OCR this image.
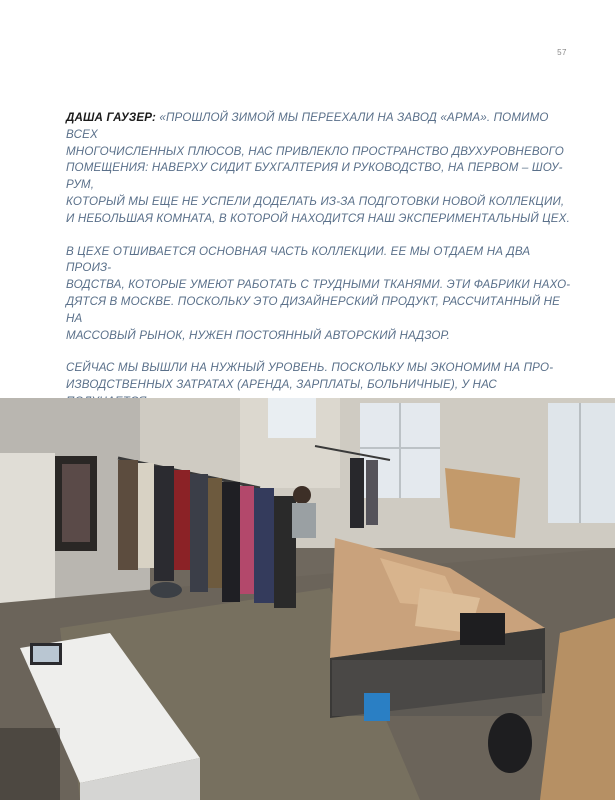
57

ДАША ГАУЗЕР: «ПРОШЛОЙ ЗИМОЙ МЫ ПЕРЕЕХАЛИ НА ЗАВОД «АРМА». ПОМИМО ВСЕХ
МНОГОЧИСЛЕННЫХ ПЛЮСОВ, НАС ПРИВЛЕКЛО ПРОСТРАНСТВО ДВУХУРОВНЕВОГО
ПОМЕЩЕНИЯ: НАВЕРХУ СИДИТ БУХГАЛТЕРИЯ И РУКОВОДСТВО, НА ПЕРВОМ – ШОУ-РУМ,
КОТОРЫЙ МЫ ЕЩЕ НЕ УСПЕЛИ ДОДЕЛАТЬ ИЗ-ЗА ПОДГОТОВКИ НОВОЙ КОЛЛЕКЦИИ,
И НЕБОЛЬШАЯ КОМНАТА, В КОТОРОЙ НАХОДИТСЯ НАШ ЭКСПЕРИМЕНТАЛЬНЫЙ ЦЕХ.

В ЦЕХЕ ОТШИВАЕТСЯ ОСНОВНАЯ ЧАСТЬ КОЛЛЕКЦИИ. ЕЕ МЫ ОТДАЕМ НА ДВА ПРОИЗ-
ВОДСТВА, КОТОРЫЕ УМЕЮТ РАБОТАТЬ С ТРУДНЫМИ ТКАНЯМИ. ЭТИ ФАБРИКИ НАХО-
ДЯТСЯ В МОСКВЕ. ПОСКОЛЬКУ ЭТО ДИЗАЙНЕРСКИЙ ПРОДУКТ, РАССЧИТАННЫЙ НЕ НА
МАССОВЫЙ РЫНОК, НУЖЕН ПОСТОЯННЫЙ АВТОРСКИЙ НАДЗОР.

СЕЙЧАС МЫ ВЫШЛИ НА НУЖНЫЙ УРОВЕНЬ. ПОСКОЛЬКУ МЫ ЭКОНОМИМ НА ПРО-
ИЗВОДСТВЕННЫХ ЗАТРАТАХ (АРЕНДА, ЗАРПЛАТЫ, БОЛЬНИЧНЫЕ), У НАС
